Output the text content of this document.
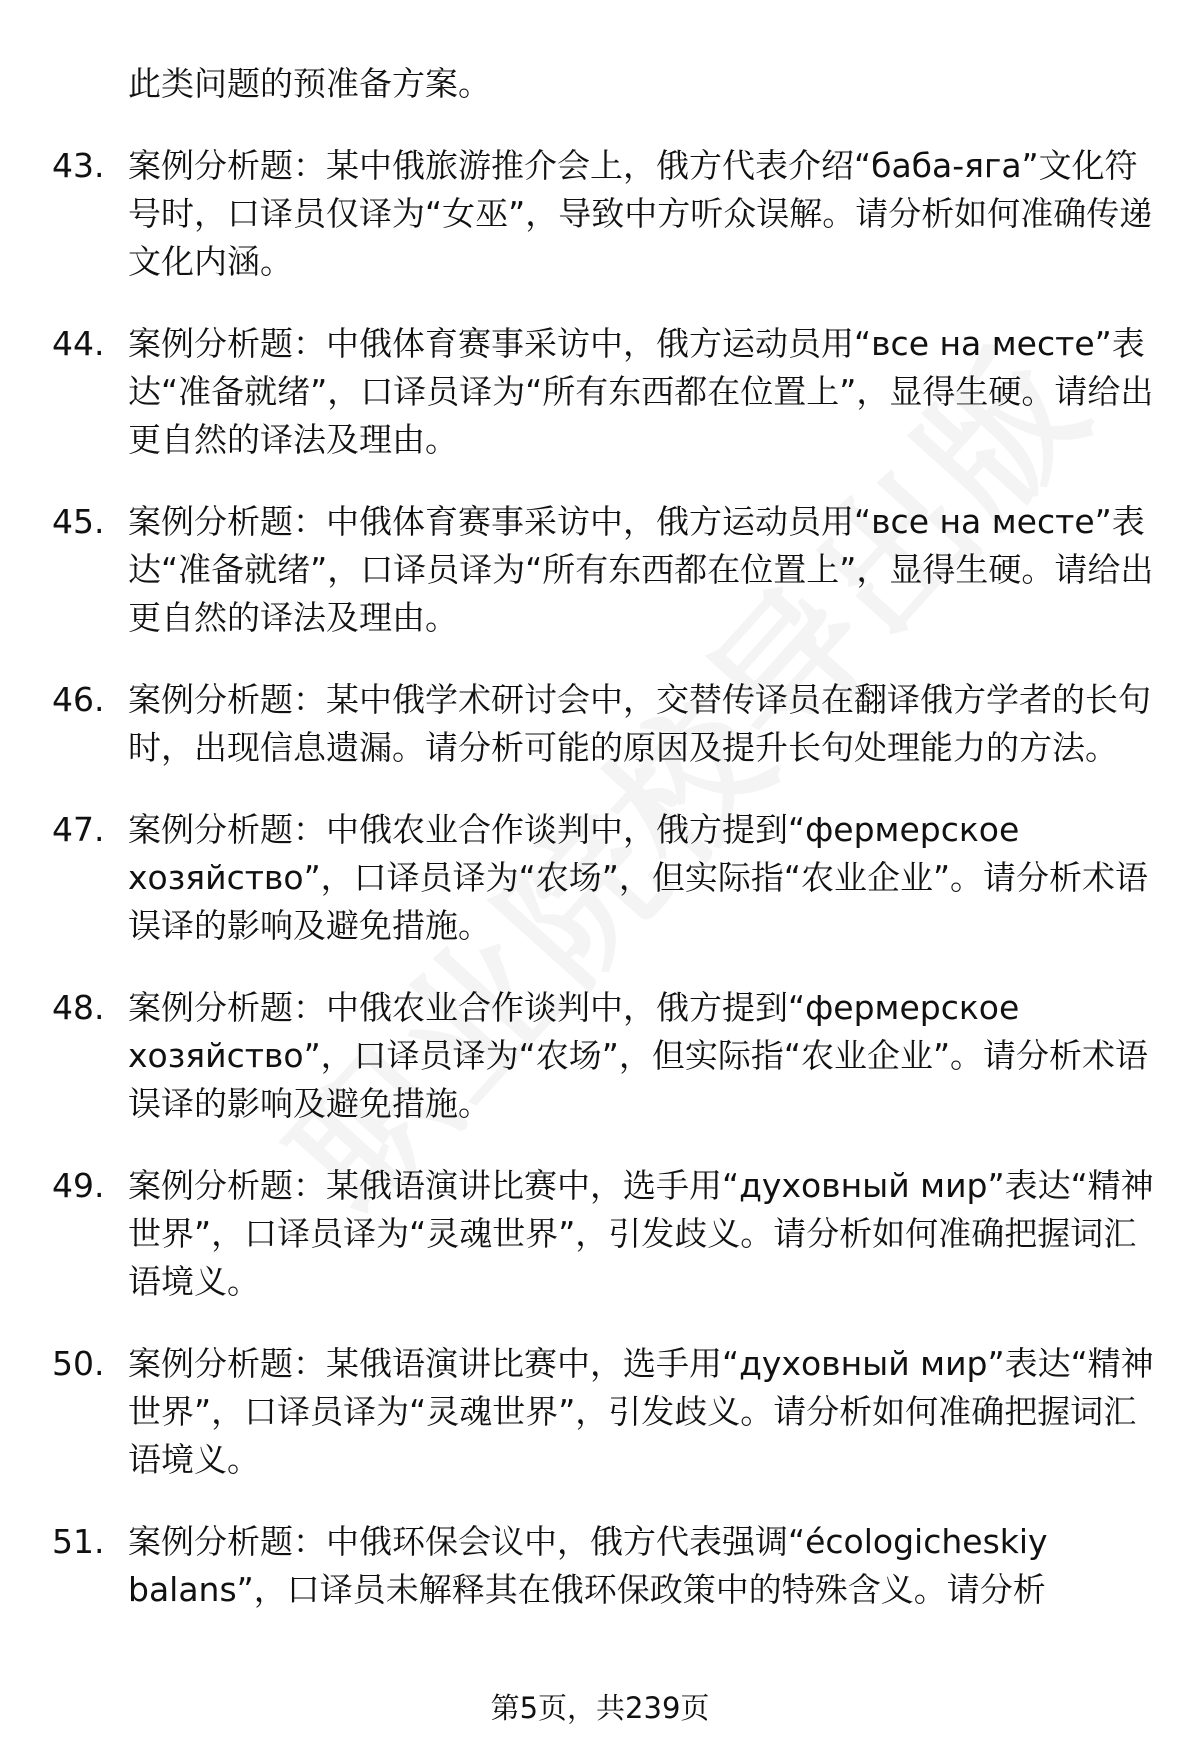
此类问题的预准备方案。
43. 案例分析题：某中俄旅游推介会上，俄方代表介绍“баба-яга”文化符号时，口译员仅译为“女巫”，导致中方听众误解。请分析如何准确传递文化内涵。
44. 案例分析题：中俄体育赛事采访中，俄方运动员用“все на месте”表达“准备就绪”，口译员译为“所有东西都在位置上”，显得生硬。请给出更自然的译法及理由。
45. 案例分析题：中俄体育赛事采访中，俄方运动员用“все на месте”表达“准备就绪”，口译员译为“所有东西都在位置上”，显得生硬。请给出更自然的译法及理由。
46. 案例分析题：某中俄学术研讨会中，交替传译员在翻译俄方学者的长句时，出现信息遗漏。请分析可能的原因及提升长句处理能力的方法。
47. 案例分析题：中俄农业合作谈判中，俄方提到“фермерское хозяйство”，口译员译为“农场”，但实际指“农业企业”。请分析术语误译的影响及避免措施。
48. 案例分析题：中俄农业合作谈判中，俄方提到“фермерское хозяйство”，口译员译为“农场”，但实际指“农业企业”。请分析术语误译的影响及避免措施。
49. 案例分析题：某俄语演讲比赛中，选手用“духовный мир”表达“精神世界”，口译员译为“灵魂世界”，引发歧义。请分析如何准确把握词汇语境义。
50. 案例分析题：某俄语演讲比赛中，选手用“духовный мир”表达“精神世界”，口译员译为“灵魂世界”，引发歧义。请分析如何准确把握词汇语境义。
51. 案例分析题：中俄环保会议中，俄方代表强调“écologicheskiy balans”，口译员未解释其在俄环保政策中的特殊含义。请分析
第5页，共239页
